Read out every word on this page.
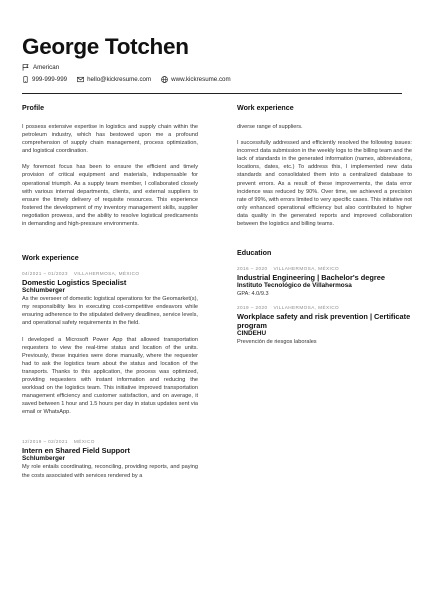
George Totchen
American
999-999-999	hello@kickresume.com	www.kickresume.com
Profile

I possess extensive expertise in logistics and supply chain within the petroleum industry, which has bestowed upon me a profound comprehension of supply chain management, process optimization, and logistical coordination.

My foremost focus has been to ensure the efficient and timely provision of critical equipment and materials, indispensable for operational triumph. As a supply team member, I collaborated closely with various internal departments, clients, and external suppliers to ensure the timely delivery of requisite resources. This experience fostered the development of my inventory management skills, supplier negotiation prowess, and the ability to resolve logistical predicaments in demanding and high-pressure environments.

Work experience
04/2021 – 01/2023 VILLAHERMOSA, MÉXICO
Domestic Logistics Specialist
Schlumberger

As the overseer of domestic logistical operations for the Geomarket(s), my responsibility lies in executing cost-competitive endeavors while ensuring adherence to the stipulated delivery deadlines, service levels, and operational safety requirements in the field.

I developed a Microsoft Power App that allowed transportation requesters to view the real-time status and location of the units. Previously, these inquiries were done manually, where the requester had to ask the logistics team about the status and location of the transports. Thanks to this application, the process was optimized, providing requesters with instant information and reducing the workload on the logistics team. This initiative improved transportation management efficiency and customer satisfaction, and on average, it saved between 1 hour and 1.5 hours per day in status updates sent via email or WhatsApp.

12/2019 – 02/2021 MÉXICO
Intern en Shared Field Support
Schlumberger

My role entails coordinating, reconciling, providing reports, and paying the costs associated with services rendered by a

Work experience

diverse range of suppliers.

I successfully addressed and efficiently resolved the following issues: incorrect data submission in the weekly logs to the billing team and the lack of standards in the generated information (names, abbreviations, locations, dates, etc.) To address this, I implemented new data standards and consolidated them into a centralized database to prevent errors. As a result of these improvements, the data error incidence was reduced by 90%. Over time, we achieved a precision rate of 99%, with errors limited to very specific cases. This initiative not only enhanced operational efficiency but also contributed to higher data quality in the generated reports and improved collaboration between the logistics and billing teams.

Education
2016 – 2020 VILLAHERMOSA, MÉXICO
Industrial Engineering | Bachelor's degree
Instituto Tecnológico de Villahermosa
GPA: 4.0/9.3
2019 – 2020 VILLAHERMOSA, MÉXICO
Workplace safety and risk prevention | Certificate program
CINDEHU
Prevención de riesgos laborales
